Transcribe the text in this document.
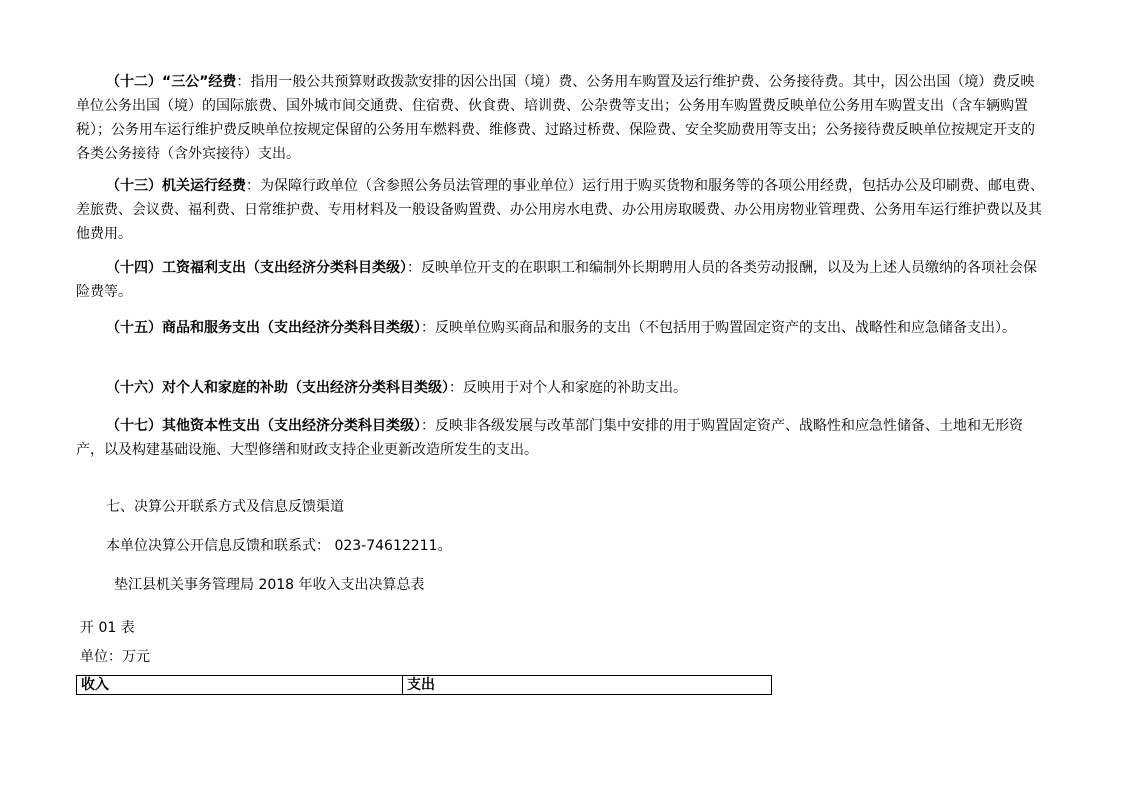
（十二）“三公”经费：指用一般公共预算财政拨款安排的因公出国（境）费、公务用车购置及运行维护费、公务接待费。其中，因公出国（境）费反映单位公务出国（境）的国际旅费、国外城市间交通费、住宿费、伙食费、培训费、公杂费等支出；公务用车购置费反映单位公务用车购置支出（含车辆购置税）；公务用车运行维护费反映单位按规定保留的公务用车燃料费、维修费、过路过桥费、保险费、安全奖励费用等支出；公务接待费反映单位按规定开支的各类公务接待（含外宾接待）支出。
（十三）机关运行经费：为保障行政单位（含参照公务员法管理的事业单位）运行用于购买货物和服务等的各项公用经费，包括办公及印刷费、邮电费、差旅费、会议费、福利费、日常维护费、专用材料及一般设备购置费、办公用房水电费、办公用房取暖费、办公用房物业管理费、公务用车运行维护费以及其他费用。
（十四）工资福利支出（支出经济分类科目类级）：反映单位开支的在职职工和编制外长期聘用人员的各类劳动报酬，以及为上述人员缴纳的各项社会保险费等。
（十五）商品和服务支出（支出经济分类科目类级）：反映单位购买商品和服务的支出（不包括用于购置固定资产的支出、战略性和应急储备支出）。
（十六）对个人和家庭的补助（支出经济分类科目类级）：反映用于对个人和家庭的补助支出。
（十七）其他资本性支出（支出经济分类科目类级）：反映非各级发展与改革部门集中安排的用于购置固定资产、战略性和应急性储备、土地和无形资产，以及构建基础设施、大型修缮和财政支持企业更新改造所发生的支出。

七、决算公开联系方式及信息反馈渠道

本单位决算公开信息反馈和联系式： 023-74612211。

垫江县机关事务管理局 2018 年收入支出决算总表

开 01 表

单位：万元

收入	支出
